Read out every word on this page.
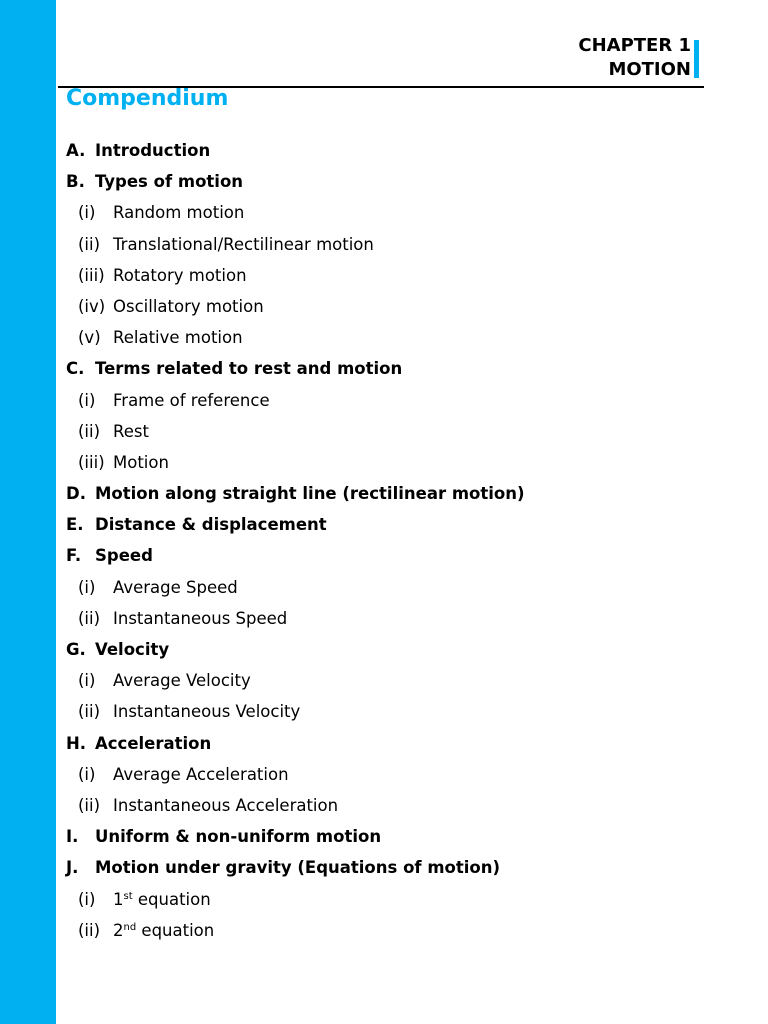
CHAPTER 1
MOTION
Compendium
A. Introduction
B. Types of motion
(i) Random motion
(ii) Translational/Rectilinear motion
(iii) Rotatory motion
(iv) Oscillatory motion
(v) Relative motion
C. Terms related to rest and motion
(i) Frame of reference
(ii) Rest
(iii) Motion
D. Motion along straight line (rectilinear motion)
E. Distance & displacement
F. Speed
(i) Average Speed
(ii) Instantaneous Speed
G. Velocity
(i) Average Velocity
(ii) Instantaneous Velocity
H. Acceleration
(i) Average Acceleration
(ii) Instantaneous Acceleration
I. Uniform & non-uniform motion
J. Motion under gravity (Equations of motion)
(i) 1st equation
(ii) 2nd equation
